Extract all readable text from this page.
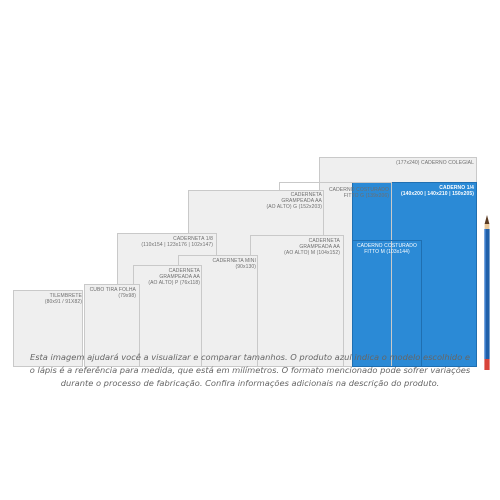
(177x240) CADERNO COLEGIAL
CADERNO 1/4
(140x200 | 140x210 | 150x205)
CADERNO COSTURADO
FITTO G (139x206)
CADERNETA
GRAMPEADA AA
(AO ALTO) G (152x203)
CADERNO COSTURADO
FITTO M (103x144)
CADERNETA
GRAMPEADA AA
(AO ALTO) M (104x152)
CADERNETA 1/8
(110x154 | 123x176 | 102x147)
CADERNETA MINI
(90x130)
CADERNETA
GRAMPEADA AA
(AO ALTO) P (76x118)
CUBO TIRA FOLHA
(79x98)
TILEMBRETE
(80x91 / 91X82)
Esta imagem ajudará você a visualizar e comparar tamanhos. O produto azul indica o modelo escolhido e
o lápis é a referência para medida, que está em milímetros. O formato mencionado pode sofrer variações
durante o processo de fabricação. Confira informações adicionais na descrição do produto.
